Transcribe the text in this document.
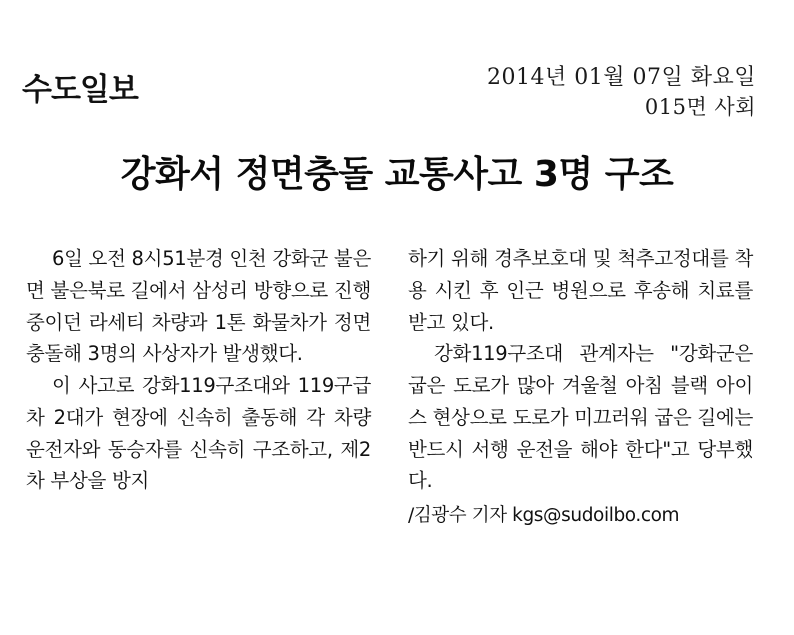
수도일보	2014년 01월 07일 화요일
015면 사회
강화서 정면충돌 교통사고 3명 구조

6일 오전 8시51분경 인천 강화군 불은면 불은북로 길에서 삼성리 방향으로 진행중이던 라세티 차량과 1톤 화물차가 정면충돌해 3명의 사상자가 발생했다.

이 사고로 강화119구조대와 119구급차 2대가 현장에 신속히 출동해 각 차량 운전자와 동승자를 신속히 구조하고, 제2차 부상을 방지

하기 위해 경추보호대 및 척추고정대를 착용 시킨 후 인근 병원으로 후송해 치료를 받고 있다.

강화119구조대 관계자는 "강화군은 굽은 도로가 많아 겨울철 아침 블랙 아이스 현상으로 도로가 미끄러워 굽은 길에는 반드시 서행 운전을 해야 한다"고 당부했다.

/김광수 기자 kgs@sudoilbo.com
